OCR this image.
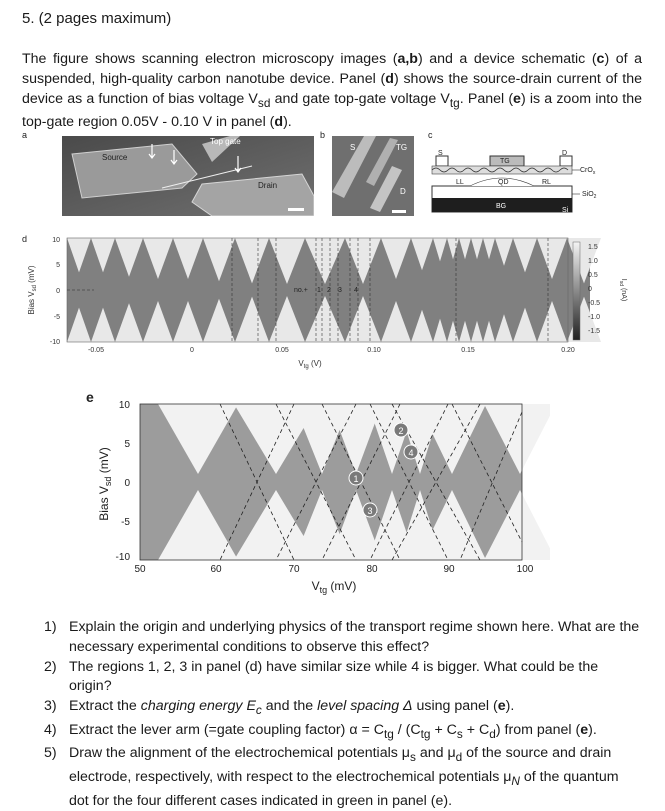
5. (2 pages maximum)
The figure shows scanning electron microscopy images (a,b) and a device schematic (c) of a suspended, high-quality carbon nanotube device. Panel (d) shows the source-drain current of the device as a function of bias voltage $V_{sd}$ and gate top-gate voltage $V_{tg}$. Panel (e) is a zoom into the top-gate region 0.05V - 0.10 V in panel (d).
a
Top gate
Source
Drain
b
S	TG
D
c
S
TG
D
LL	QD	RL
BG
CrO$_x$
SiO$_2$
Si
d
Bias $V_{sd}$ (mV)
10
5
0
-5
-10
-0.05	0	0.05	0.10	0.15	0.20
$V_{tg}$ (V)
no.+ 1 2 3 4
1.5
1.0
0.5
0
-0.5
-1.0
-1.5
$I_{sd}$ (nA)
e
Bias $V_{sd}$ (mV)
10
5
0
-5
-10
50	60	70	80	90	100
$V_{tg}$ (mV)
1
2
3
4
1) Explain the origin and underlying physics of the transport regime shown here. What are the necessary experimental conditions to observe this effect?
2) The regions 1, 2, 3 in panel (d) have similar size while 4 is bigger. What could be the origin?
3) Extract the charging energy $E_c$ and the level spacing Δ using panel (e).
4) Extract the lever arm (=gate coupling factor) $\alpha = C_{tg} / (C_{tg} + C_s + C_d)$ from panel (e).
5) Draw the alignment of the electrochemical potentials $\mu_s$ and $\mu_d$ of the source and drain electrode, respectively, with respect to the electrochemical potentials $\mu_N$ of the quantum dot for the four different cases indicated in green in panel (e).
